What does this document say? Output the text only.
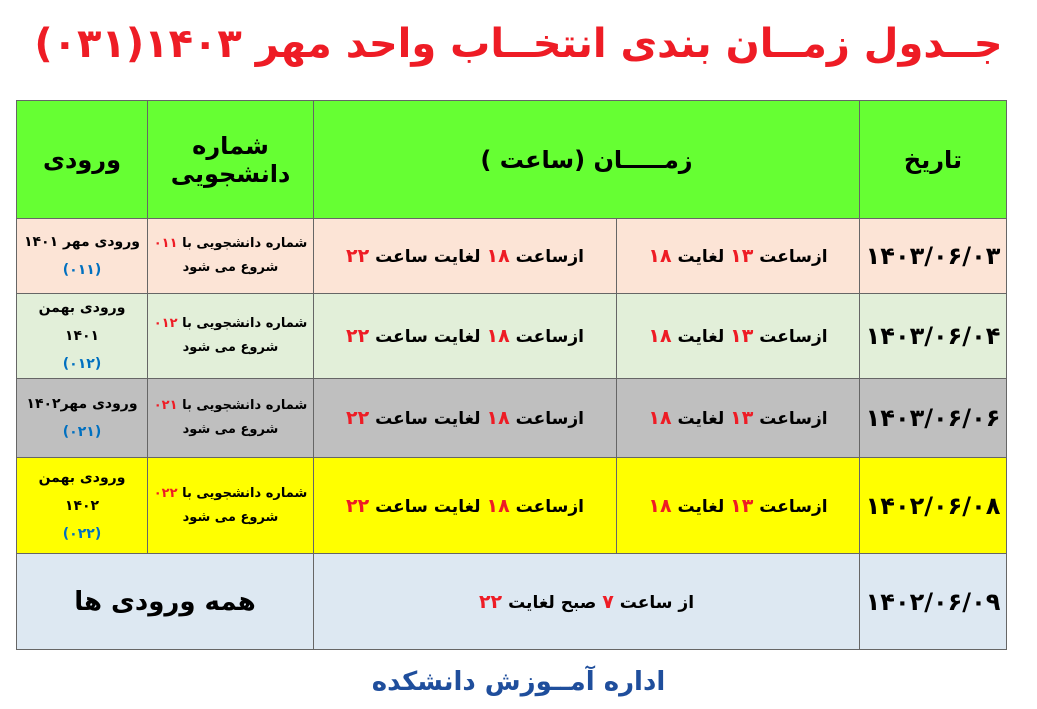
جــدول زمــان بندی انتخــاب واحد مهر ۱۴۰۳(۰۳۱)
تاریخ	زمـــــان (ساعت )		شماره دانشجویی	ورودی
۱۴۰۳/۰۶/۰۳	ازساعت ۱۳ لغایت ۱۸	ازساعت ۱۸ لغایت ساعت ۲۲	شماره دانشجویی با ۰۱۱
شروع می شود	ورودی مهر ۱۴۰۱
(۰۱۱)
۱۴۰۳/۰۶/۰۴	ازساعت ۱۳ لغایت ۱۸	ازساعت ۱۸ لغایت ساعت ۲۲	شماره دانشجویی با ۰۱۲
شروع می شود	ورودی بهمن ۱۴۰۱
(۰۱۲)
۱۴۰۳/۰۶/۰۶	ازساعت ۱۳ لغایت ۱۸	ازساعت ۱۸ لغایت ساعت ۲۲	شماره دانشجویی با ۰۲۱
شروع می شود	ورودی مهر۱۴۰۲
(۰۲۱)
۱۴۰۲/۰۶/۰۸	ازساعت ۱۳ لغایت ۱۸	ازساعت ۱۸ لغایت ساعت ۲۲	شماره دانشجویی با ۰۲۲
شروع می شود	ورودی بهمن ۱۴۰۲
(۰۲۲)
۱۴۰۲/۰۶/۰۹	از ساعت ۷ صبح لغایت ۲۲		همه ورودی ها	
اداره آمــوزش دانشکده
